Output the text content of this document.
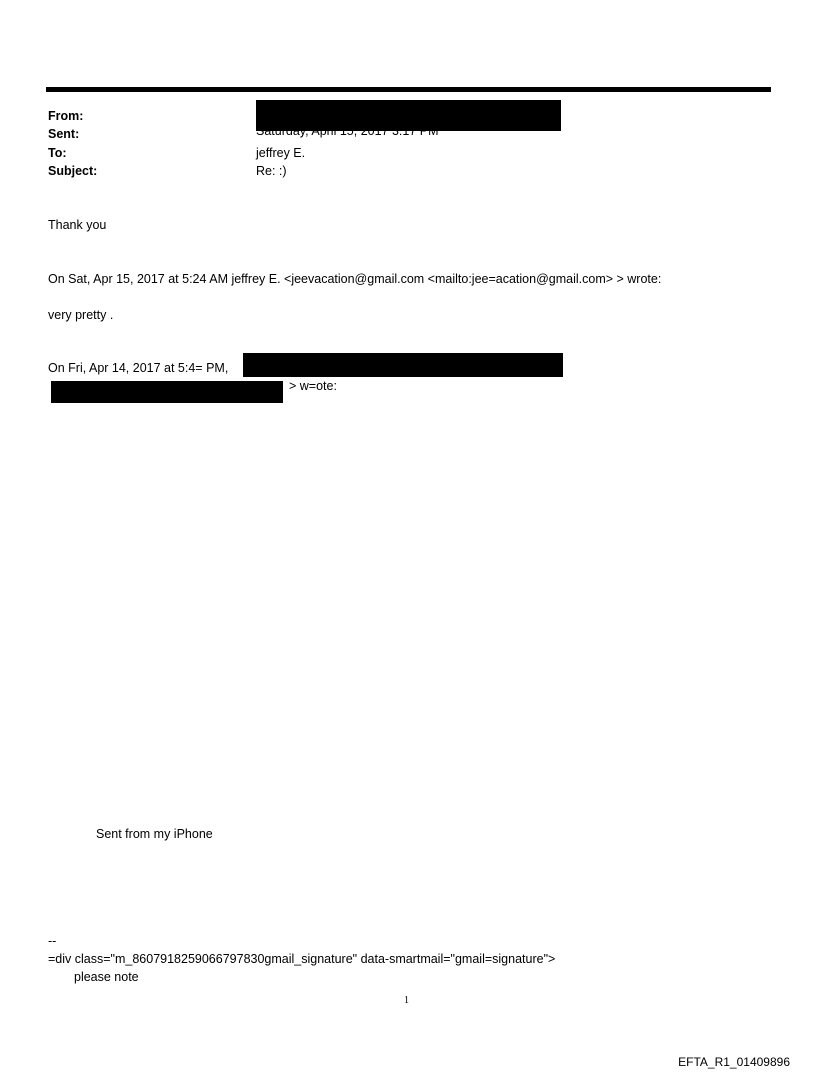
From:
Sent:	Saturday, April 15, 2017 3:17 PM
To:	jeffrey E.
Subject:	Re: :)
Thank you
On Sat, Apr 15, 2017 at 5:24 AM jeffrey E. <jeevacation@gmail.com <mailto:jee=acation@gmail.com> > wrote:
very pretty .
On Fri, Apr 14, 2017 at 5:4= PM,
> w=ote:
Sent from my iPhone
--
=div class="m_8607918259066797830gmail_signature" data-smartmail="gmail=signature">
please note
1
EFTA_R1_01409896
